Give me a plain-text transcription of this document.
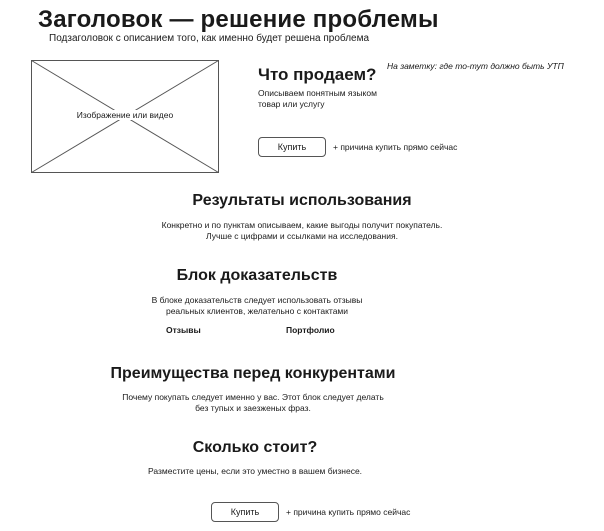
Заголовок — решение проблемы
Подзаголовок с описанием того, как именно будет решена проблема
Изображение или видео
На заметку: где то-тут должно быть УТП
Что продаем?
Описываем понятным языком товар или услугу
Купить	+ причина купить прямо сейчас
Результаты использования
Конкретно и по пунктам описываем, какие выгоды получит покупатель.
Лучше с цифрами и ссылками на исследования.
Блок доказательств
В блоке доказательств следует использовать отзывы
реальных клиентов, желательно с контактами
Отзывы	Портфолио
Преимущества перед конкурентами
Почему покупать следует именно у вас. Этот блок следует делать
без тупых и заезженых фраз.
Сколько стоит?
Разместите цены, если это уместно в вашем бизнесе.
Купить	+ причина купить прямо сейчас
